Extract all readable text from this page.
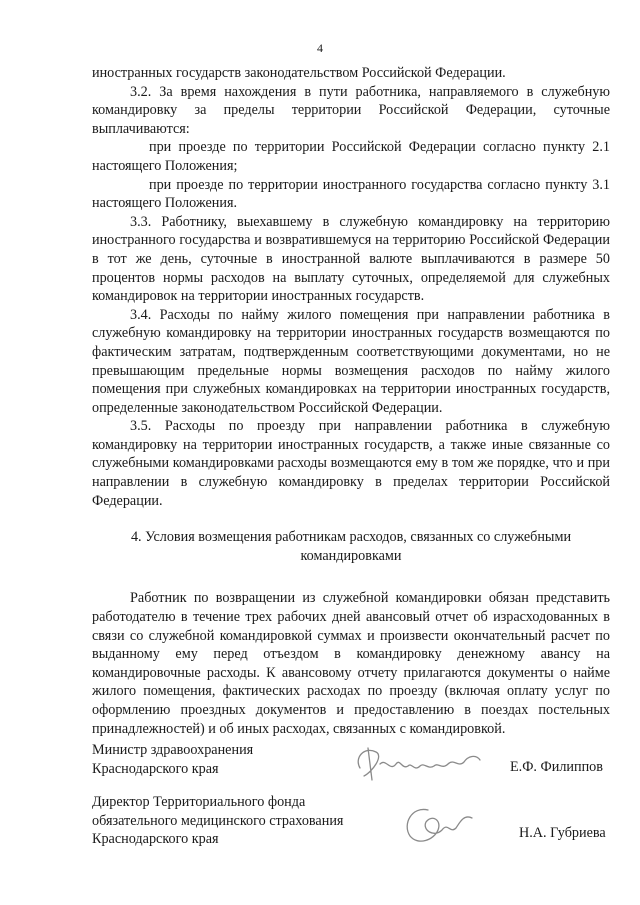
4

иностранных государств законодательством Российской Федерации.

3.2. За время нахождения в пути работника, направляемого в служебную командировку за пределы территории Российской Федерации, суточные выплачиваются:

при проезде по территории Российской Федерации согласно пункту 2.1 настоящего Положения;

при проезде по территории иностранного государства согласно пункту 3.1 настоящего Положения.

3.3. Работнику, выехавшему в служебную командировку на территорию иностранного государства и возвратившемуся на территорию Российской Федерации в тот же день, суточные в иностранной валюте выплачиваются в размере 50 процентов нормы расходов на выплату суточных, определяемой для служебных командировок на территории иностранных государств.

3.4. Расходы по найму жилого помещения при направлении работника в служебную командировку на территории иностранных государств возмещаются по фактическим затратам, подтвержденным соответствующими документами, но не превышающим предельные нормы возмещения расходов по найму жилого помещения при служебных командировках на территории иностранных государств, определенные законодательством Российской Федерации.

3.5. Расходы по проезду при направлении работника в служебную командировку на территории иностранных государств, а также иные связанные со служебными командировками расходы возмещаются ему в том же порядке, что и при направлении в служебную командировку в пределах территории Российской Федерации.

4. Условия возмещения работникам расходов, связанных со служебными командировками

Работник по возвращении из служебной командировки обязан представить работодателю в течение трех рабочих дней авансовый отчет об израсходованных в связи со служебной командировкой суммах и произвести окончательный расчет по выданному ему перед отъездом в командировку денежному авансу на командировочные расходы. К авансовому отчету прилагаются документы о найме жилого помещения, фактических расходах по проезду (включая оплату услуг по оформлению проездных документов и предоставлению в поездах постельных принадлежностей) и об иных расходах, связанных с командировкой.

Министр здравоохранения
Краснодарского края	Е.Ф. Филиппов
Директор Территориального фонда
обязательного медицинского страхования
Краснодарского края	Н.А. Губриева
